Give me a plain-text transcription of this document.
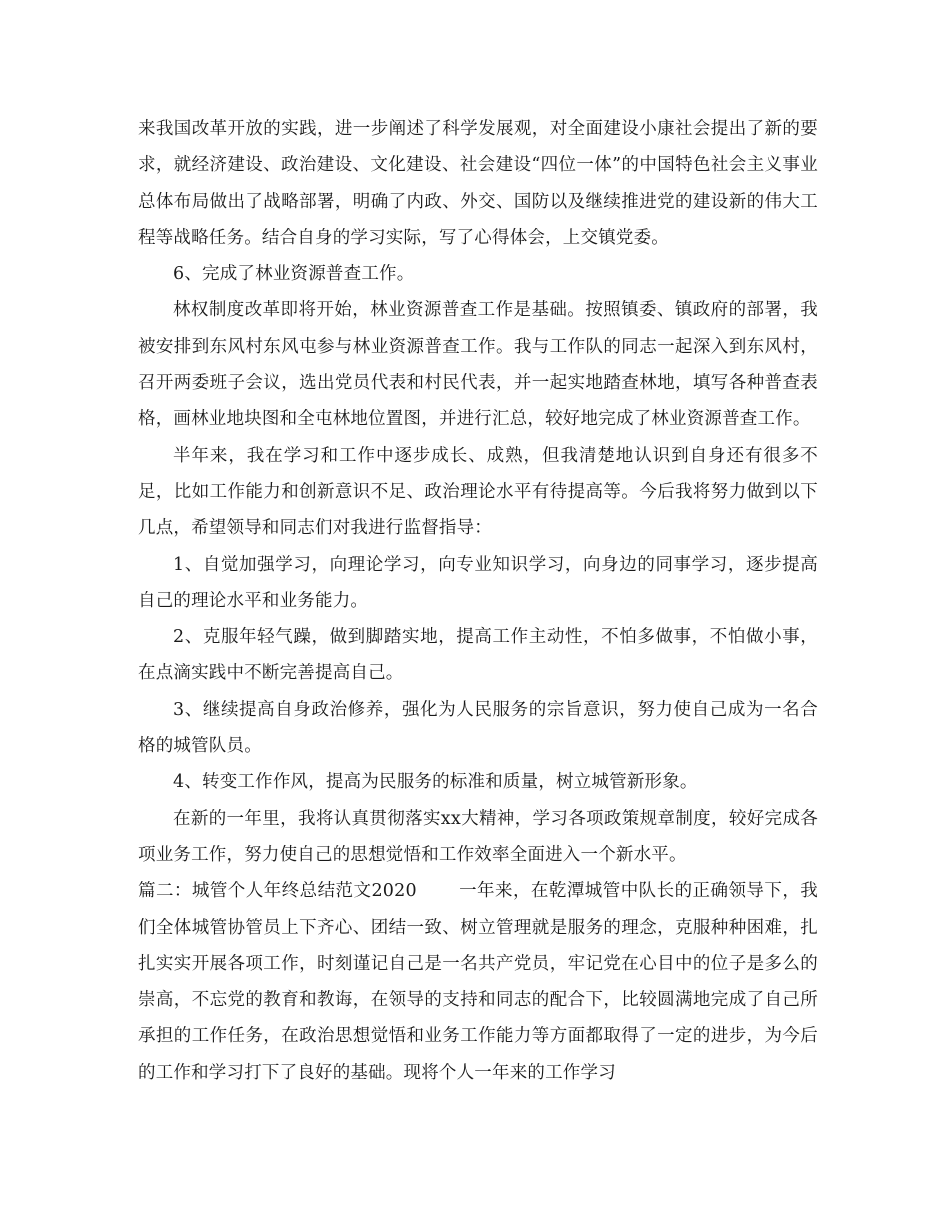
来我国改革开放的实践，进一步阐述了科学发展观，对全面建设小康社会提出了新的要求，就经济建设、政治建设、文化建设、社会建设“四位一体”的中国特色社会主义事业总体布局做出了战略部署，明确了内政、外交、国防以及继续推进党的建设新的伟大工程等战略任务。结合自身的学习实际，写了心得体会，上交镇党委。

6、完成了林业资源普查工作。

林权制度改革即将开始，林业资源普查工作是基础。按照镇委、镇政府的部署，我被安排到东风村东风屯参与林业资源普查工作。我与工作队的同志一起深入到东风村，召开两委班子会议，选出党员代表和村民代表，并一起实地踏查林地，填写各种普查表格，画林业地块图和全屯林地位置图，并进行汇总，较好地完成了林业资源普查工作。

半年来，我在学习和工作中逐步成长、成熟，但我清楚地认识到自身还有很多不足，比如工作能力和创新意识不足、政治理论水平有待提高等。今后我将努力做到以下几点，希望领导和同志们对我进行监督指导：

1、自觉加强学习，向理论学习，向专业知识学习，向身边的同事学习，逐步提高自己的理论水平和业务能力。

2、克服年轻气躁，做到脚踏实地，提高工作主动性，不怕多做事，不怕做小事，在点滴实践中不断完善提高自己。

3、继续提高自身政治修养，强化为人民服务的宗旨意识，努力使自己成为一名合格的城管队员。

4、转变工作作风，提高为民服务的标准和质量，树立城管新形象。

在新的一年里，我将认真贯彻落实xx大精神，学习各项政策规章制度，较好完成各项业务工作，努力使自己的思想觉悟和工作效率全面进入一个新水平。

篇二：城管个人年终总结范文2020 一年来，在乾潭城管中队长的正确领导下，我们全体城管协管员上下齐心、团结一致、树立管理就是服务的理念，克服种种困难，扎扎实实开展各项工作，时刻谨记自己是一名共产党员，牢记党在心目中的位子是多么的崇高，不忘党的教育和教诲，在领导的支持和同志的配合下，比较圆满地完成了自己所承担的工作任务，在政治思想觉悟和业务工作能力等方面都取得了一定的进步，为今后的工作和学习打下了良好的基础。现将个人一年来的工作学习
